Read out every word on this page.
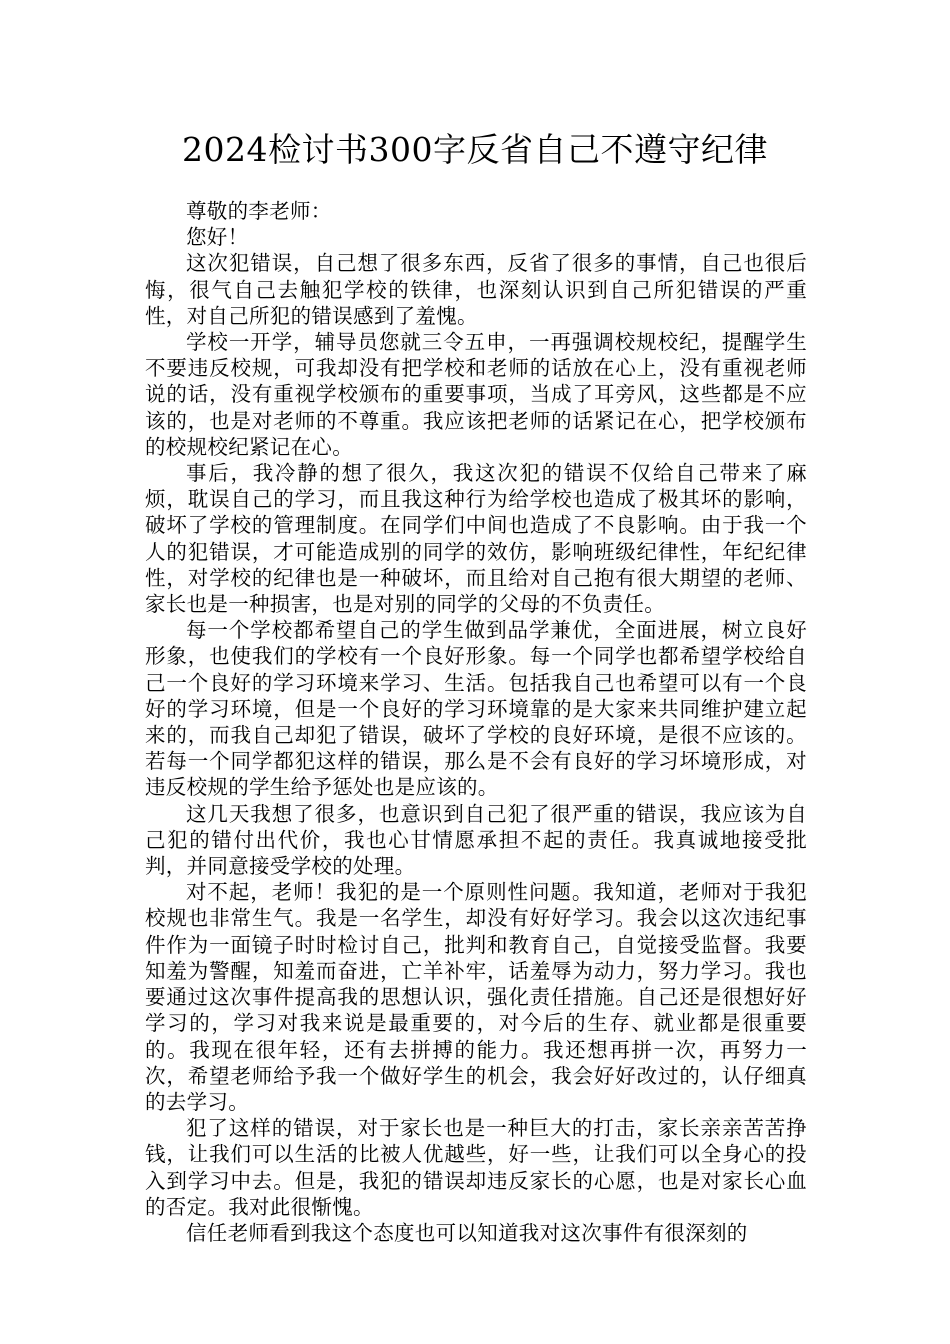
2024检讨书300字反省自己不遵守纪律

尊敬的李老师：

您好！

这次犯错误，自己想了很多东西，反省了很多的事情，自己也很后悔，很气自己去触犯学校的铁律，也深刻认识到自己所犯错误的严重性，对自己所犯的错误感到了羞愧。

学校一开学，辅导员您就三令五申，一再强调校规校纪，提醒学生不要违反校规，可我却没有把学校和老师的话放在心上，没有重视老师说的话，没有重视学校颁布的重要事项，当成了耳旁风，这些都是不应该的，也是对老师的不尊重。我应该把老师的话紧记在心，把学校颁布的校规校纪紧记在心。

事后，我冷静的想了很久，我这次犯的错误不仅给自己带来了麻烦，耽误自己的学习，而且我这种行为给学校也造成了极其坏的影响，破坏了学校的管理制度。在同学们中间也造成了不良影响。由于我一个人的犯错误，才可能造成别的同学的效仿，影响班级纪律性，年纪纪律性，对学校的纪律也是一种破坏，而且给对自己抱有很大期望的老师、家长也是一种损害，也是对别的同学的父母的不负责任。

每一个学校都希望自己的学生做到品学兼优，全面进展，树立良好形象，也使我们的学校有一个良好形象。每一个同学也都希望学校给自己一个良好的学习环境来学习、生活。包括我自己也希望可以有一个良好的学习环境，但是一个良好的学习环境靠的是大家来共同维护建立起来的，而我自己却犯了错误，破坏了学校的良好环境，是很不应该的。若每一个同学都犯这样的错误，那么是不会有良好的学习坏境形成，对违反校规的学生给予惩处也是应该的。

这几天我想了很多，也意识到自己犯了很严重的错误，我应该为自己犯的错付出代价，我也心甘情愿承担不起的责任。我真诚地接受批判，并同意接受学校的处理。

对不起，老师！我犯的是一个原则性问题。我知道，老师对于我犯校规也非常生气。我是一名学生，却没有好好学习。我会以这次违纪事件作为一面镜子时时检讨自己，批判和教育自己，自觉接受监督。我要知羞为警醒，知羞而奋进，亡羊补牢，话羞辱为动力，努力学习。我也要通过这次事件提高我的思想认识，强化责任措施。自己还是很想好好学习的，学习对我来说是最重要的，对今后的生存、就业都是很重要的。我现在很年轻，还有去拼搏的能力。我还想再拼一次，再努力一次，希望老师给予我一个做好学生的机会，我会好好改过的，认仔细真的去学习。

犯了这样的错误，对于家长也是一种巨大的打击，家长亲亲苦苦挣钱，让我们可以生活的比被人优越些，好一些，让我们可以全身心的投入到学习中去。但是，我犯的错误却违反家长的心愿，也是对家长心血的否定。我对此很惭愧。

信任老师看到我这个态度也可以知道我对这次事件有很深刻的
